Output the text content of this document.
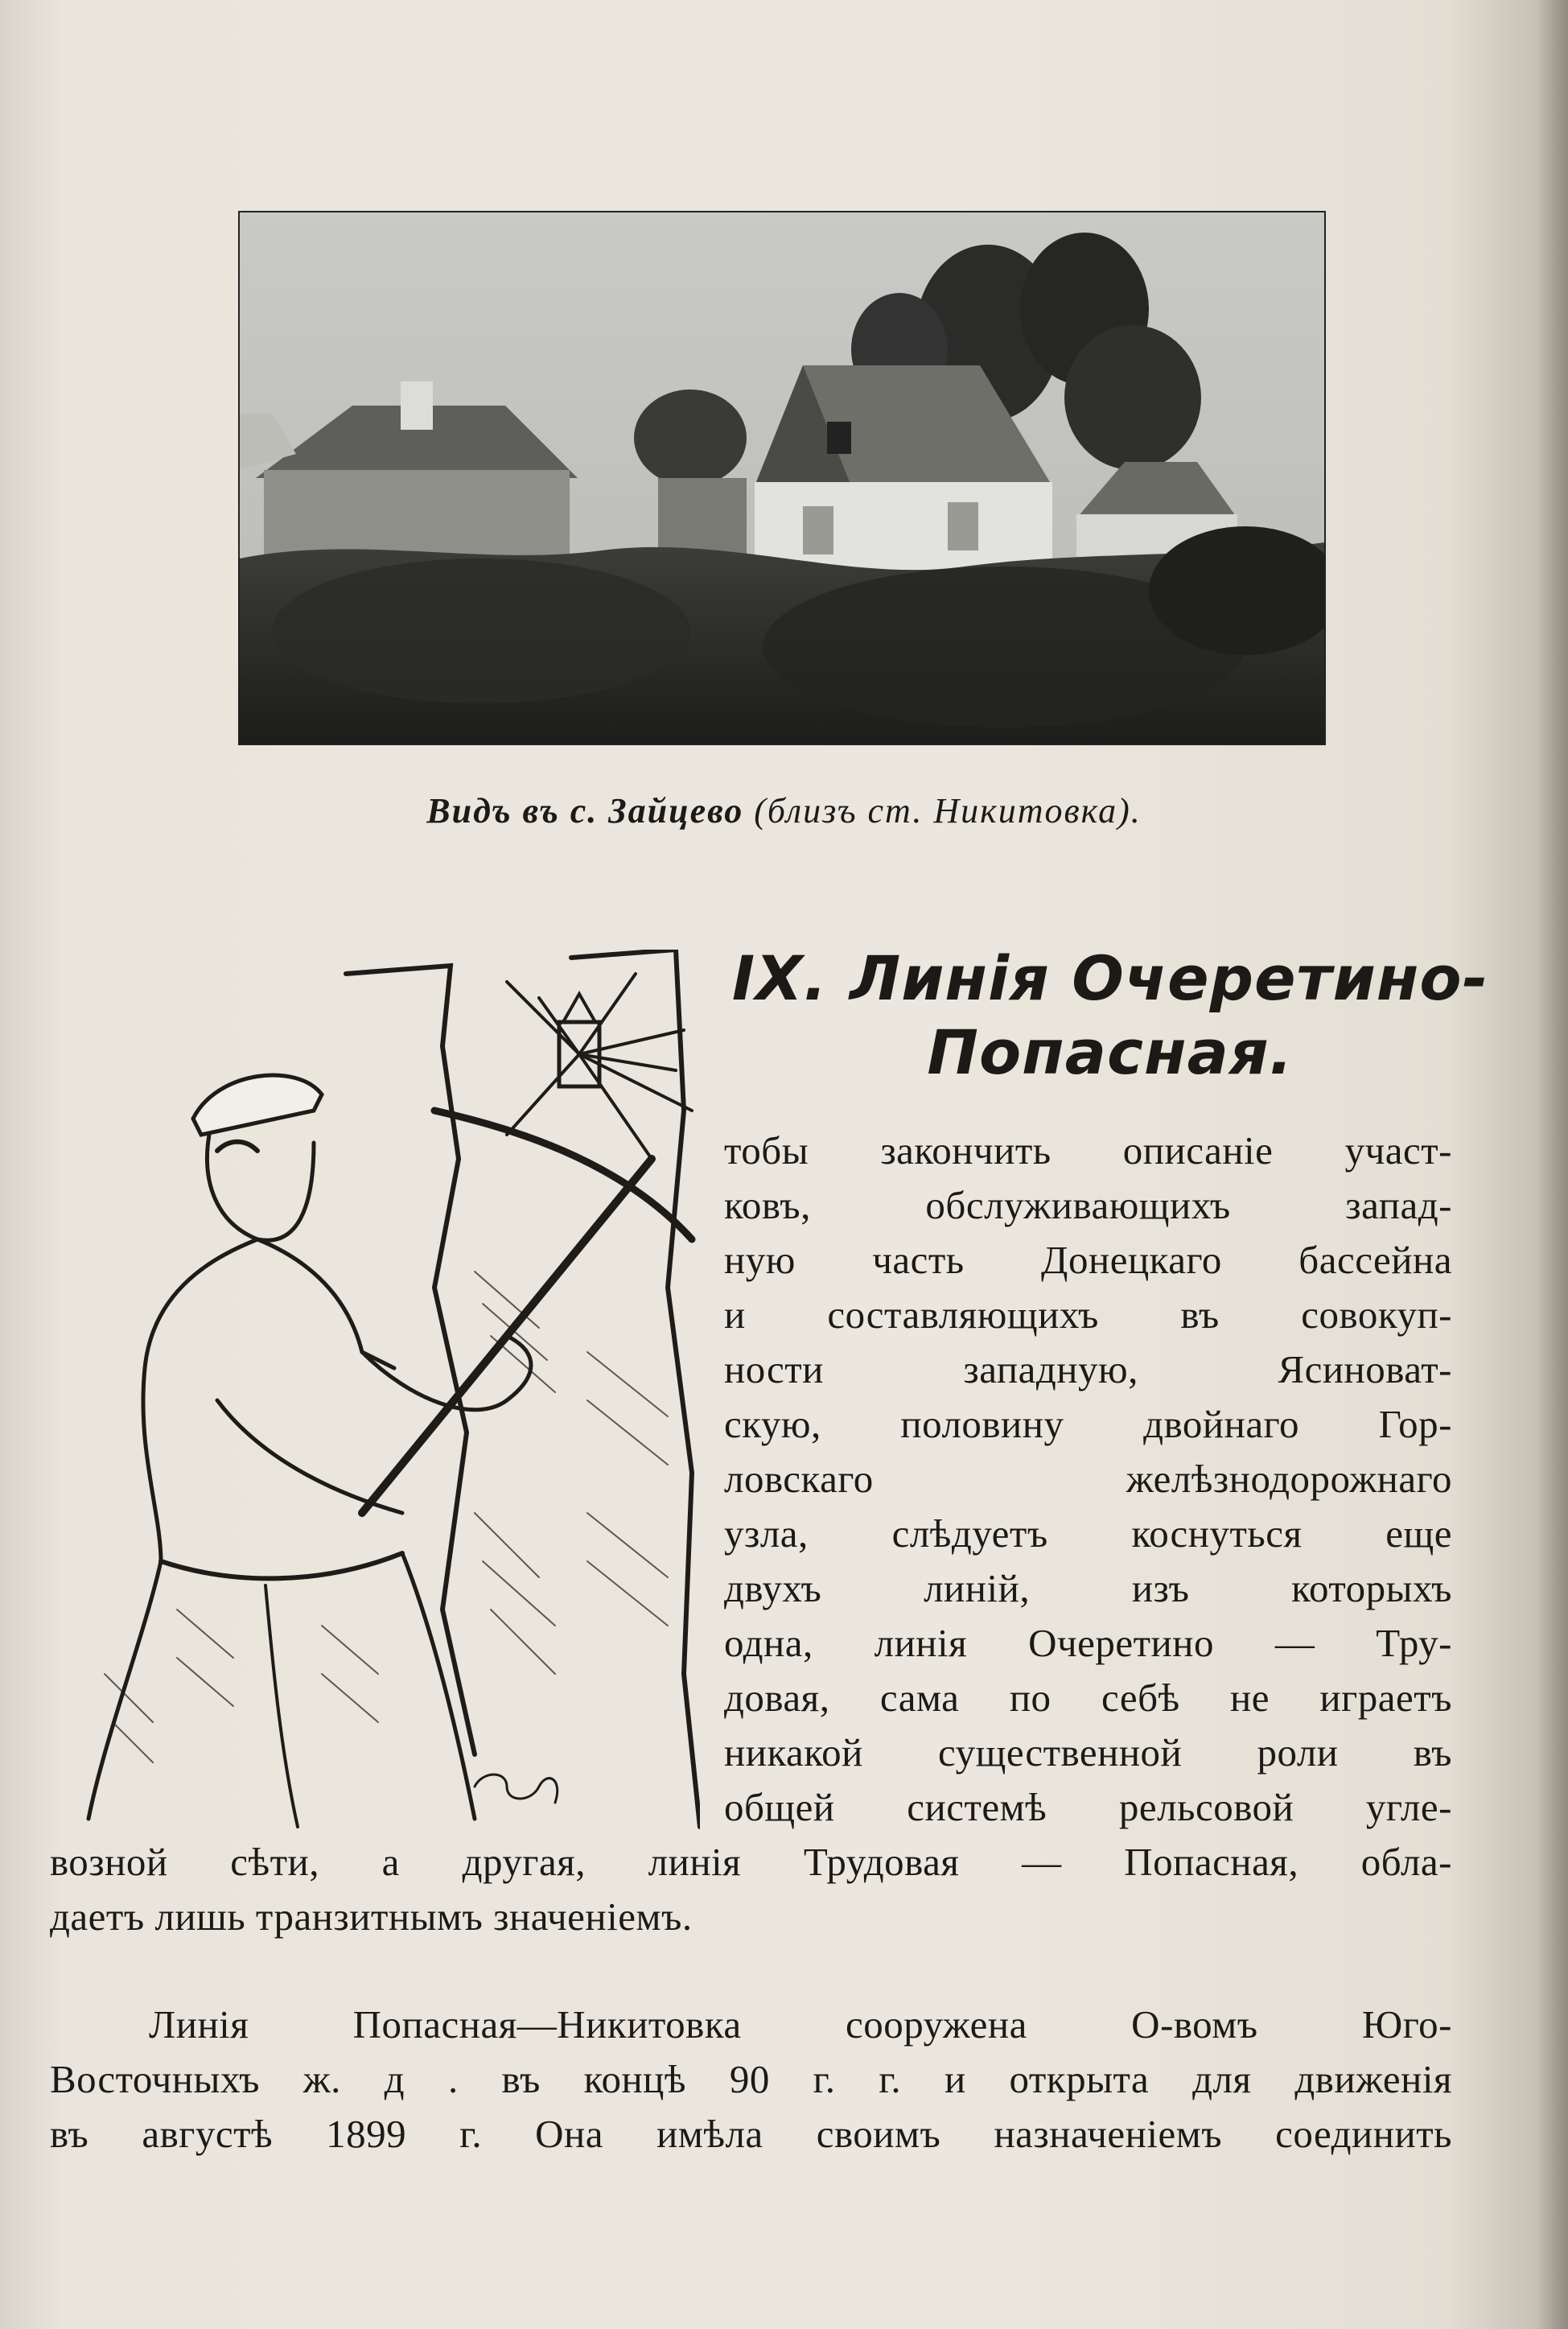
Видъ въ с. Зайцево (близъ ст. Никитовка).
IX. Линія Очеретино-
Попасная.
тобы закончить описаніе участ-
ковъ, обслуживающихъ запад-
ную часть Донецкаго бассейна
и составляющихъ въ совокуп-
ности западную, Ясиноват-
скую, половину двойнаго Гор-
ловскаго желѣзнодорожнаго
узла, слѣдуетъ коснуться еще
двухъ линій, изъ которыхъ
одна, линія Очеретино — Тру-
довая, сама по себѣ не играетъ
никакой существенной роли въ
общей системѣ рельсовой угле-
возной сѣти, а другая, линія Трудовая — Попасная, обла-
даетъ лишь транзитнымъ значеніемъ.
Линія Попасная—Никитовка сооружена О-вомъ Юго-
Восточныхъ ж. д . въ концѣ 90 г. г. и открыта для движенія
въ августѣ 1899 г. Она имѣла своимъ назначеніемъ соединить
